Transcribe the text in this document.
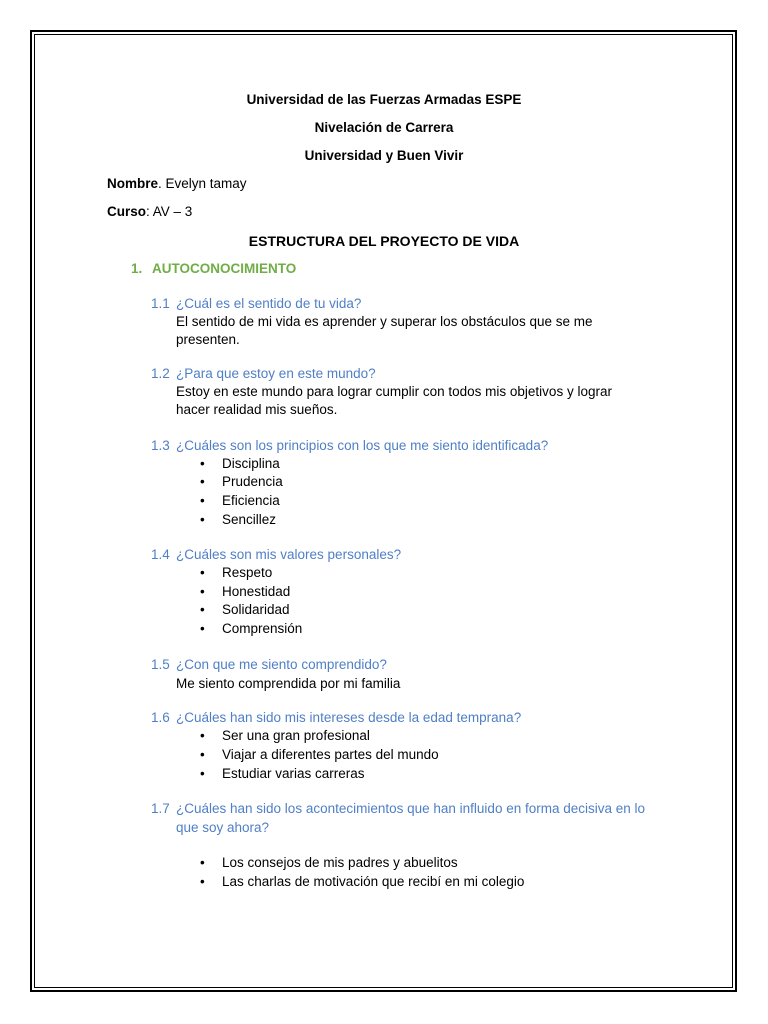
Universidad de las Fuerzas Armadas ESPE
Nivelación de Carrera
Universidad y Buen Vivir
Nombre. Evelyn tamay
Curso: AV – 3
ESTRUCTURA DEL PROYECTO DE VIDA
1. AUTOCONOCIMIENTO
1.1 ¿Cuál es el sentido de tu vida?
El sentido de mi vida es aprender y superar los obstáculos que se me
presenten.
1.2 ¿Para que estoy en este mundo?
Estoy en este mundo para lograr cumplir con todos mis objetivos y lograr
hacer realidad mis sueños.
1.3 ¿Cuáles son los principios con los que me siento identificada?
• Disciplina
• Prudencia
• Eficiencia
• Sencillez
1.4 ¿Cuáles son mis valores personales?
• Respeto
• Honestidad
• Solidaridad
• Comprensión
1.5 ¿Con que me siento comprendido?
Me siento comprendida por mi familia
1.6 ¿Cuáles han sido mis intereses desde la edad temprana?
• Ser una gran profesional
• Viajar a diferentes partes del mundo
• Estudiar varias carreras
1.7 ¿Cuáles han sido los acontecimientos que han influido en forma decisiva en lo
que soy ahora?
• Los consejos de mis padres y abuelitos
• Las charlas de motivación que recibí en mi colegio
